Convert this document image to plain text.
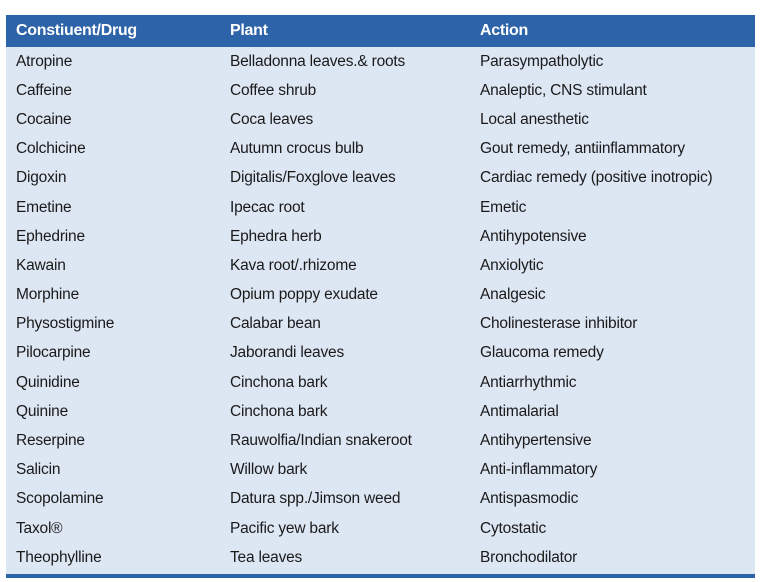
Constiuent/Drug	Plant	Action
Atropine	Belladonna leaves.& roots	Parasympatholytic
Caffeine	Coffee shrub	Analeptic, CNS stimulant
Cocaine	Coca leaves	Local anesthetic
Colchicine	Autumn crocus bulb	Gout remedy, antiinflammatory
Digoxin	Digitalis/Foxglove leaves	Cardiac remedy (positive inotropic)
Emetine	Ipecac root	Emetic
Ephedrine	Ephedra herb	Antihypotensive
Kawain	Kava root/.rhizome	Anxiolytic
Morphine	Opium poppy exudate	Analgesic
Physostigmine	Calabar bean	Cholinesterase inhibitor
Pilocarpine	Jaborandi leaves	Glaucoma remedy
Quinidine	Cinchona bark	Antiarrhythmic
Quinine	Cinchona bark	Antimalarial
Reserpine	Rauwolfia/Indian snakeroot	Antihypertensive
Salicin	Willow bark	Anti-inflammatory
Scopolamine	Datura spp./Jimson weed	Antispasmodic
Taxol®	Pacific yew bark	Cytostatic
Theophylline	Tea leaves	Bronchodilator
